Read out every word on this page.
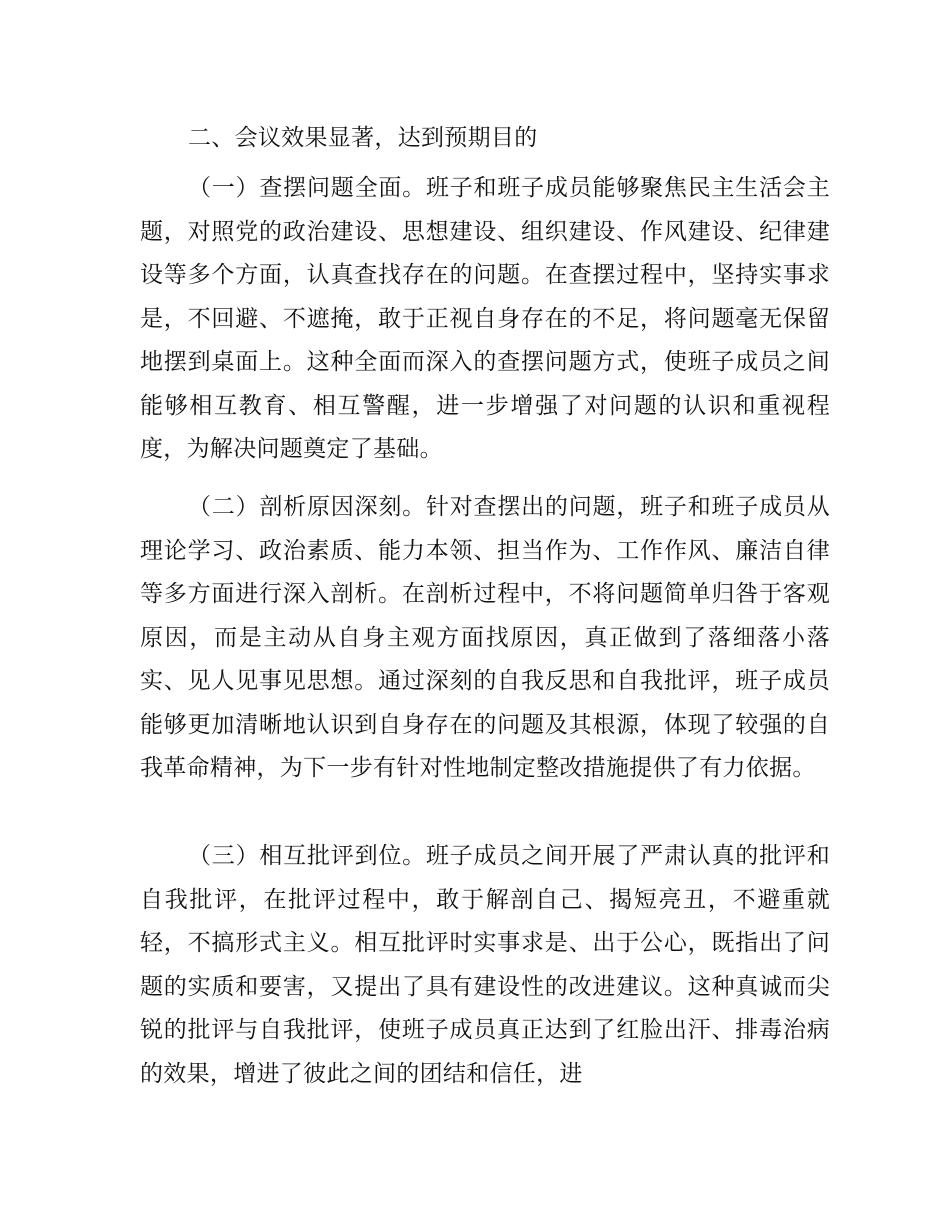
二、会议效果显著，达到预期目的

（一）查摆问题全面。班子和班子成员能够聚焦民主生活会主题，对照党的政治建设、思想建设、组织建设、作风建设、纪律建设等多个方面，认真查找存在的问题。在查摆过程中，坚持实事求是，不回避、不遮掩，敢于正视自身存在的不足，将问题毫无保留地摆到桌面上。这种全面而深入的查摆问题方式，使班子成员之间能够相互教育、相互警醒，进一步增强了对问题的认识和重视程度，为解决问题奠定了基础。

（二）剖析原因深刻。针对查摆出的问题，班子和班子成员从理论学习、政治素质、能力本领、担当作为、工作作风、廉洁自律等多方面进行深入剖析。在剖析过程中，不将问题简单归咎于客观原因，而是主动从自身主观方面找原因，真正做到了落细落小落实、见人见事见思想。通过深刻的自我反思和自我批评，班子成员能够更加清晰地认识到自身存在的问题及其根源，体现了较强的自我革命精神，为下一步有针对性地制定整改措施提供了有力依据。

（三）相互批评到位。班子成员之间开展了严肃认真的批评和自我批评，在批评过程中，敢于解剖自己、揭短亮丑，不避重就轻，不搞形式主义。相互批评时实事求是、出于公心，既指出了问题的实质和要害，又提出了具有建设性的改进建议。这种真诚而尖锐的批评与自我批评，使班子成员真正达到了红脸出汗、排毒治病的效果，增进了彼此之间的团结和信任，进
